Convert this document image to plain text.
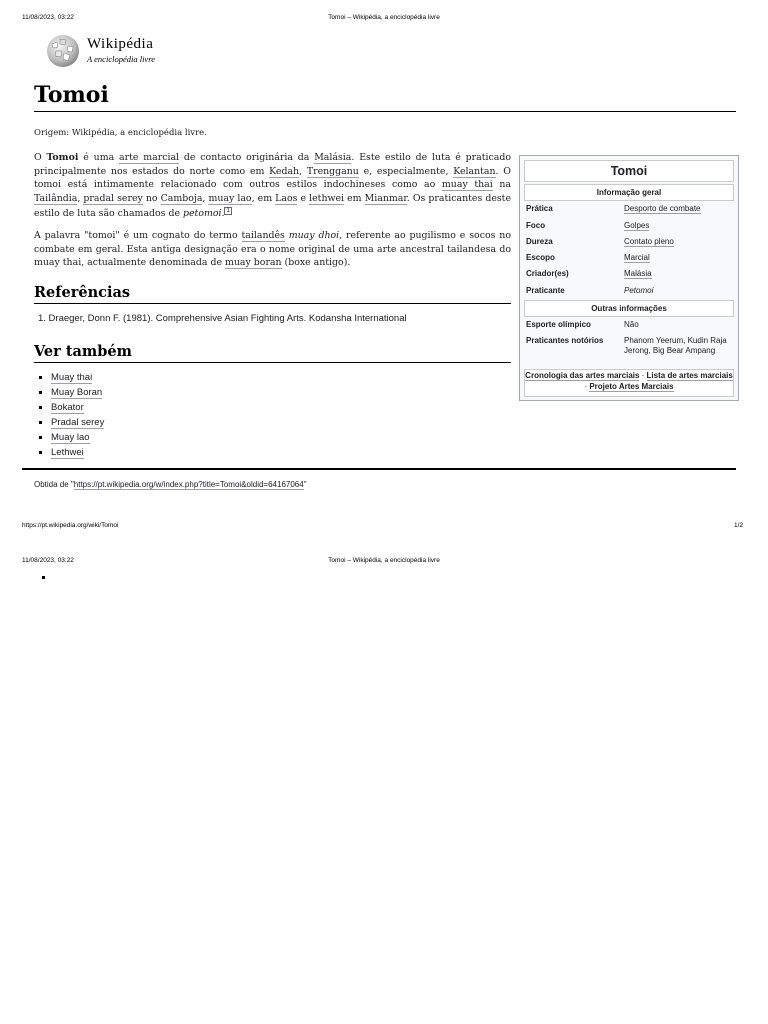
11/08/2023, 03:22	Tomoi – Wikipédia, a enciclopédia livre
Wikipédia
A enciclopédia livre
Tomoi
Origem: Wikipédia, a enciclopédia livre.

O Tomoi é uma arte marcial de contacto originária da Malásia. Este estilo de luta é praticado principalmente nos estados do norte como em Kedah, Trengganu e, especialmente, Kelantan. O tomoi está intimamente relacionado com outros estilos indochineses como ao muay thai na Tailândia, pradal serey no Camboja, muay lao, em Laos e lethwei em Mianmar. Os praticantes deste estilo de luta são chamados de petomoi. $^1$

A palavra "tomoi" é um cognato do termo tailandês muay dhoi, referente ao pugilismo e socos no combate em geral. Esta antiga designação era o nome original de uma arte ancestral tailandesa do muay thai, actualmente denominada de muay boran (boxe antigo).

Referências
1. Draeger, Donn F. (1981). Comprehensive Asian Fighting Arts. Kodansha International
Ver também
Muay thai
Muay Boran
Bokator
Pradal serey
Muay lao
Lethwei
Obtida de "https://pt.wikipedia.org/w/index.php?title=Tomoi&oldid=64167064"
Tomoi
Informação geral
Prática	Desporto de combate
Foco	Golpes
Dureza	Contato pleno
Escopo	Marcial
Criador(es)	Malásia
Praticante	Petomoi
Outras informações
Esporte olímpico	Não
Praticantes notórios	Phanom Yeerum, Kudin Raja Jerong, Big Bear Ampang
Cronologia das artes marciais · Lista de artes marciais · Projeto Artes Marciais
https://pt.wikipedia.org/wiki/Tomoi	1/2
11/08/2023, 03:22	Tomoi – Wikipédia, a enciclopédia livre
